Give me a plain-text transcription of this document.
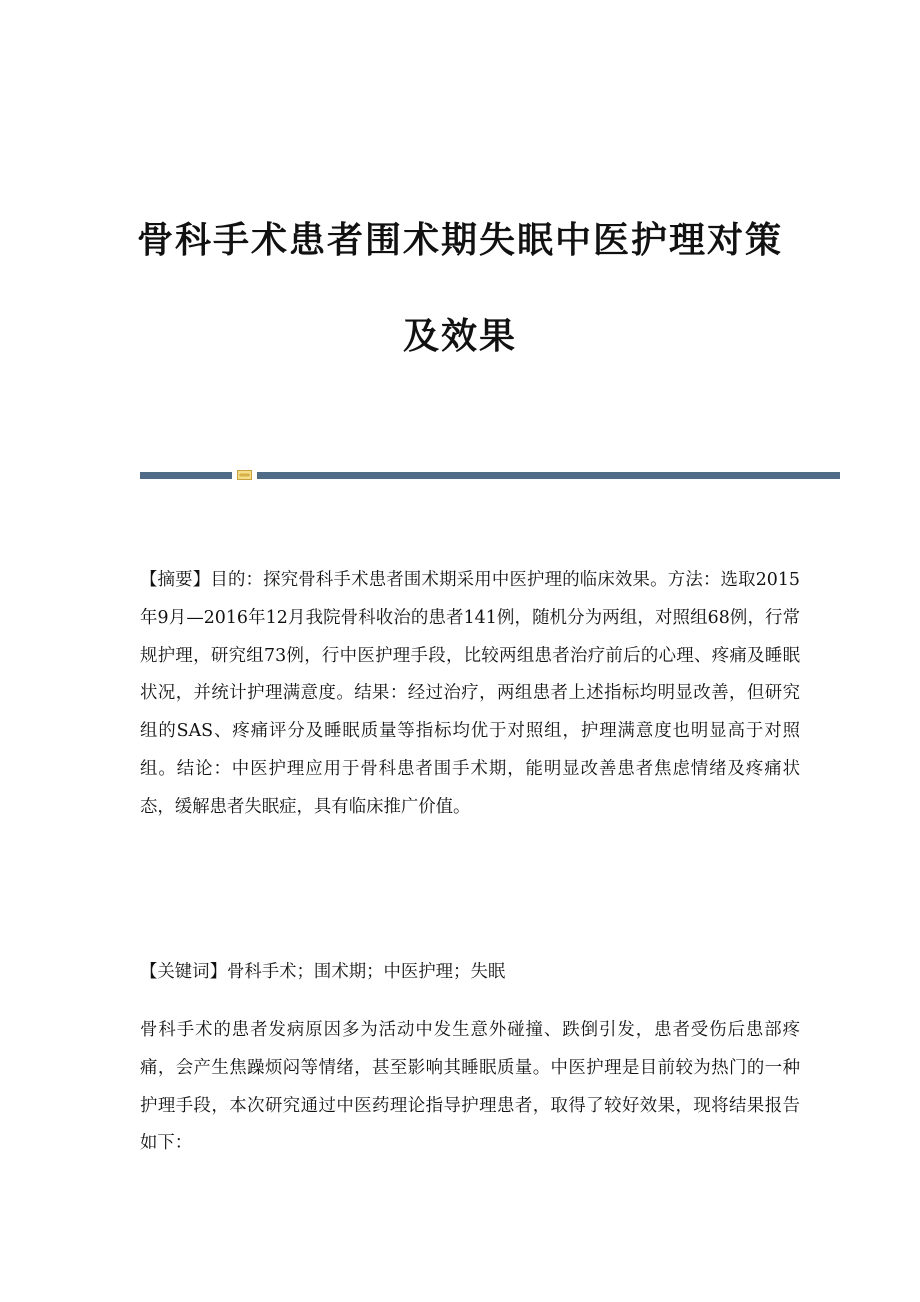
骨科手术患者围术期失眠中医护理对策
及效果

【摘要】目的：探究骨科手术患者围术期采用中医护理的临床效果。方法：选取2015年9月—2016年12月我院骨科收治的患者141例，随机分为两组，对照组68例，行常规护理，研究组73例，行中医护理手段，比较两组患者治疗前后的心理、疼痛及睡眠状况，并统计护理满意度。结果：经过治疗，两组患者上述指标均明显改善，但研究组的SAS、疼痛评分及睡眠质量等指标均优于对照组，护理满意度也明显高于对照组。结论：中医护理应用于骨科患者围手术期，能明显改善患者焦虑情绪及疼痛状态，缓解患者失眠症，具有临床推广价值。

【关键词】骨科手术；围术期；中医护理；失眠

骨科手术的患者发病原因多为活动中发生意外碰撞、跌倒引发，患者受伤后患部疼痛，会产生焦躁烦闷等情绪，甚至影响其睡眠质量。中医护理是目前较为热门的一种护理手段，本次研究通过中医药理论指导护理患者，取得了较好效果，现将结果报告如下：
